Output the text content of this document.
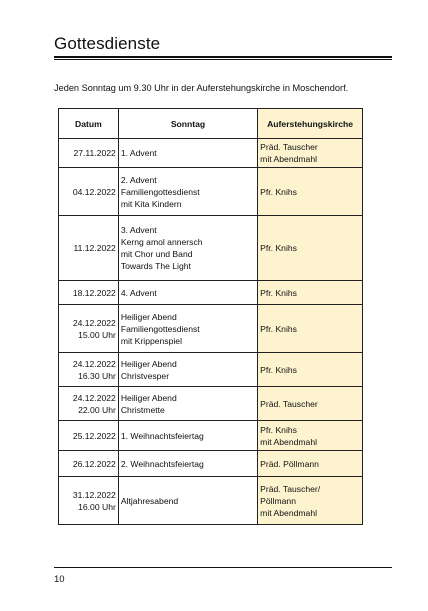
Gottesdienste
Jeden Sonntag um 9.30 Uhr in der Auferstehungskirche in Moschendorf.
Datum	Sonntag	Auferstehungskirche

27.11.2022	1. Advent	Präd. Tauscher
mit Abendmahl

04.12.2022	2. Advent
Familiengottesdienst
mit Kita Kindern	Pfr. Knihs

11.12.2022	3. Advent
Kerng amol annersch
mit Chor und Band
Towards The Light	Pfr. Knihs

18.12.2022	4. Advent	Pfr. Knihs

24.12.2022
15.00 Uhr	Heiliger Abend
Familiengottesdienst
mit Krippenspiel	Pfr. Knihs

24.12.2022
16.30 Uhr	Heiliger Abend
Christvesper	Pfr. Knihs

24.12.2022
22.00 Uhr	Heiliger Abend
Christmette	Präd. Tauscher

25.12.2022	1. Weihnachtsfeiertag	Pfr. Knihs
mit Abendmahl

26.12.2022	2. Weihnachtsfeiertag	Präd. Pöllmann

31.12.2022
16.00 Uhr	Altjahresabend	Präd. Tauscher/
Pöllmann
mit Abendmahl
10
